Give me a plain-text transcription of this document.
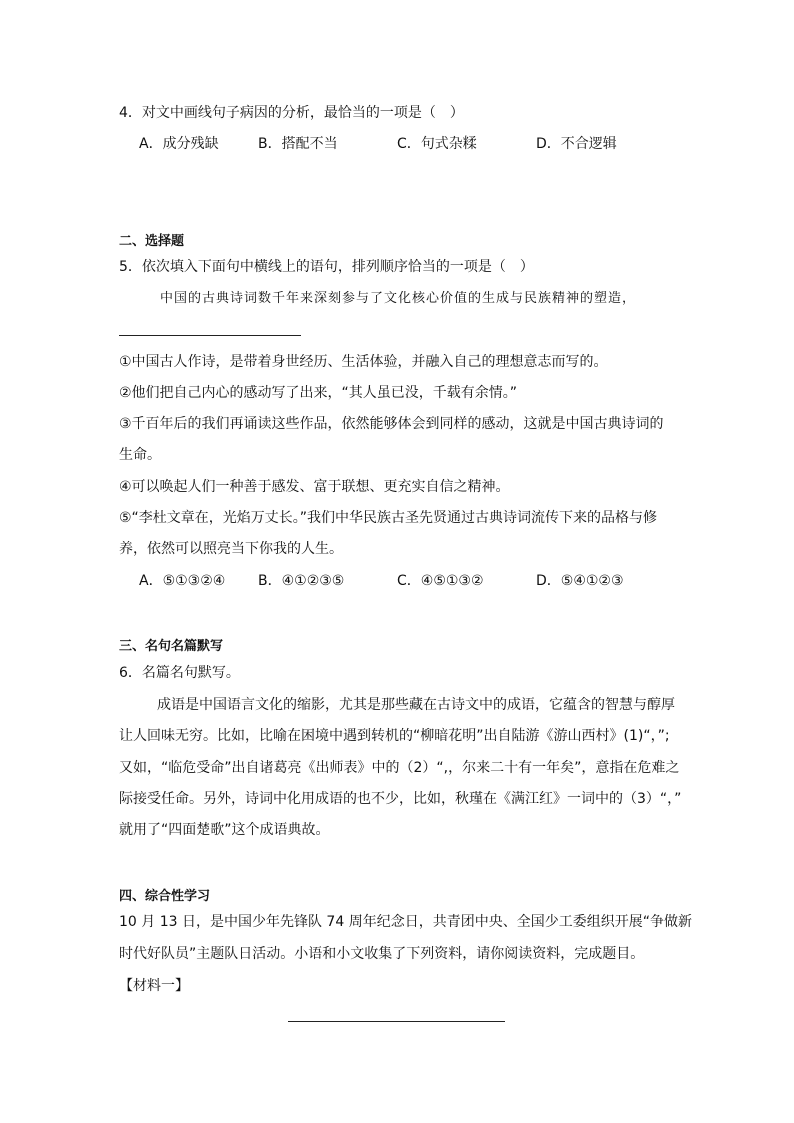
4．对文中画线句子病因的分析，最恰当的一项是（　）
A．成分残缺	B．搭配不当	C．句式杂糅	D．不合逻辑
二、选择题
5．依次填入下面句中横线上的语句，排列顺序恰当的一项是（　）
中国的古典诗词数千年来深刻参与了文化核心价值的生成与民族精神的塑造，
①中国古人作诗，是带着身世经历、生活体验，并融入自己的理想意志而写的。
②他们把自己内心的感动写了出来，“其人虽已没，千载有余情。”
③千百年后的我们再诵读这些作品，依然能够体会到同样的感动，这就是中国古典诗词的
生命。
④可以唤起人们一种善于感发、富于联想、更充实自信之精神。
⑤“李杜文章在，光焰万丈长。”我们中华民族古圣先贤通过古典诗词流传下来的品格与修
养，依然可以照亮当下你我的人生。
A．⑤①③②④ B．④①②③⑤	C．④⑤①③②	D．⑤④①②③
三、名句名篇默写
6．名篇名句默写。
成语是中国语言文化的缩影，尤其是那些藏在古诗文中的成语，它蕴含的智慧与醇厚
让人回味无穷。比如，比喻在困境中遇到转机的“柳暗花明”出自陆游《游山西村》(1)“，”;
又如，“临危受命”出自诸葛亮《出师表》中的（2）“,，尔来二十有一年矣”，意指在危难之
际接受任命。另外，诗词中化用成语的也不少，比如，秋瑾在《满江红》一词中的（3）“，”
就用了“四面楚歌”这个成语典故。
四、综合性学习
10 月 13 日，是中国少年先锋队 74 周年纪念日，共青团中央、全国少工委组织开展“争做新
时代好队员”主题队日活动。小语和小文收集了下列资料，请你阅读资料，完成题目。
【材料一】
